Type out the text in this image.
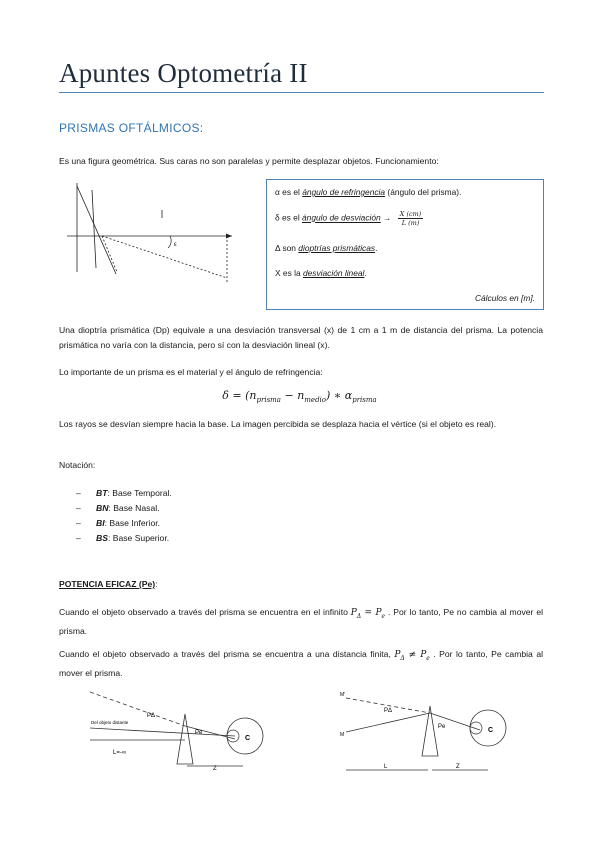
Apuntes Optometría II
PRISMAS OFTÁLMICOS:
Es una figura geométrica. Sus caras no son paralelas y permite desplazar objetos. Funcionamiento:
ε
α es el ángulo de refringencia (ángulo del prisma).
δ es el ángulo de desviación → $\frac{X (cm)}{L (m)}$
Δ son dioptrías prismáticas.
X es la desviación lineal.
Cálculos en [m].
Una dioptría prismática (Dp) equivale a una desviación transversal (x) de 1 cm a 1 m de distancia del prisma. La potencia prismática no varía con la distancia, pero sí con la desviación lineal (x).
Lo importante de un prisma es el material y el ángulo de refringencia:
$\delta = (n_{prisma} - n_{medio})$ ∗ $\alpha_{prisma}$
Los rayos se desvían siempre hacia la base. La imagen percibida se desplaza hacia el vértice (si el objeto es real).
Notación:
– BT: Base Temporal.
– BN: Base Nasal.
– BI: Base Inferior.
– BS: Base Superior.
POTENCIA EFICAZ (Pe):
Cuando el objeto observado a través del prisma se encuentra en el infinito $P_\Delta = P_e$ . Por lo tanto, Pe no cambia al mover el prisma.
Cuando el objeto observado a través del prisma se encuentra a una distancia finita, $P_\Delta \ne P_e$ . Por lo tanto, Pe cambia al mover el prisma.
PΔ
Pe
C
Del objeto distante
L=-∞
Z
M'
M
PΔ
Pe	C
L	Z
